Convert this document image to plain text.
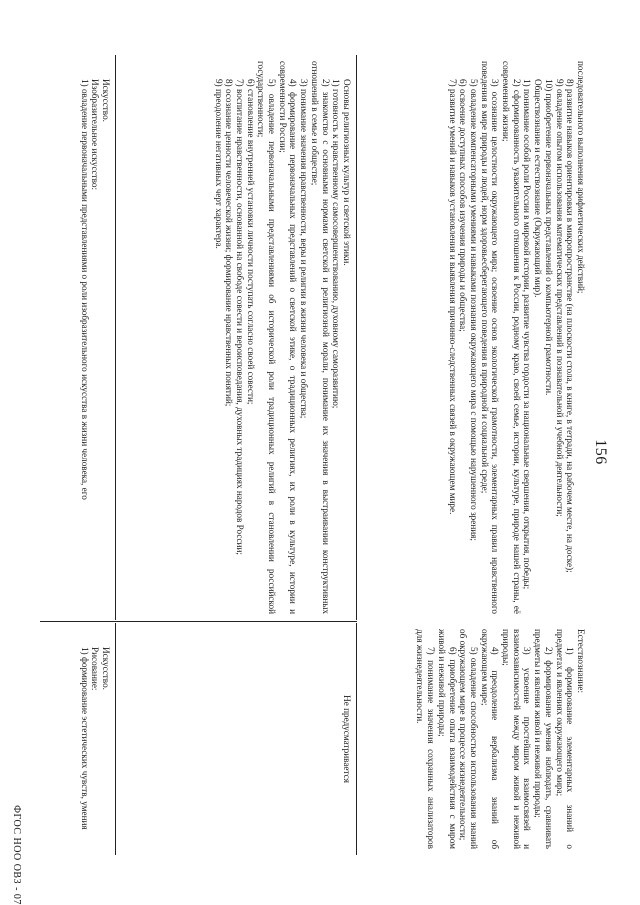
156
ФГОС НОО ОВЗ - 07

последовательного выполнения арифметических действий;

8) развитие навыков ориентировки в микропространстве (на плоскости стола, в книге, в тетради, на рабочем месте, на доске);

9) овладение опытом использования математических представлений в познавательной и учебной деятельности;

10) приобретение первоначальных представлений о компьютерной грамотности.

Обществознание и естествознание (Окружающий мир).

1) понимание особой роли России в мировой истории, развитие чувства гордости за национальные свершения, открытия, победы;

2) сформированность уважительного отношения к России, родному краю, своей семье, истории, культуре, природе нашей страны, её современной жизни;

3) осознание целостности окружающего мира; освоение основ экологической грамотности, элементарных правил нравственного поведения в мире природы и людей, норм здоровьесберегающего поведения в природной и социальной среде;

5) овладение компенсаторными умениями и навыками познания окружающего мира с помощью нарушенного зрения;

6) освоение доступных способов изучения природы и общества;

7) развитие умений и навыков установления и выявления причинно-следственных связей в окружающем мире.

Естествознание:

1) формирование элементарных знаний о предметах и явлениях окружающего мира;

2) формирование умения наблюдать, сравнивать предметы и явления живой и неживой природы;

3) усвоение простейших взаимосвязей и взаимозависимостей между миром живой и неживой природы;

4) преодоление вербализма знаний об окружающем мире;

5) овладение способностью использования знаний об окружающем мире в процессе жизнедеятельности;

6) приобретение опыта взаимодействия с миром живой и неживой природы;

7) понимание значения сохранных анализаторов для жизнедеятельности.

Основы религиозных культур и светской этики.

1) готовность к нравственному самосовершенствованию, духовному саморазвитию;

2) знакомство с основными нормами светской и религиозной морали, понимание их значения в выстраивании конструктивных отношений в семье и обществе;

3) понимание значения нравственности, веры и религии в жизни человека и общества;

4) формирование первоначальных представлений о светской этике, о традиционных религиях, их роли в культуре, истории и современности России;

5) овладение первоначальными представлениями об исторической роли традиционных религий в становлении российской государственности;

6) становление внутренней установки личности поступать согласно своей совести;

7) воспитание нравственности, основанной на свободе совести и вероисповедания, духовных традициях народов России;

8) осознание ценности человеческой жизни; формирование нравственных понятий;

9) преодоление негативных черт характера.

Не предусматривается

Искусство.

Изобразительное искусство:

1) овладение первоначальными представлениями о роли изобразительного искусства в жизни человека, его

Искусство.

Рисование:

1) формирование эстетических чувств, умения
